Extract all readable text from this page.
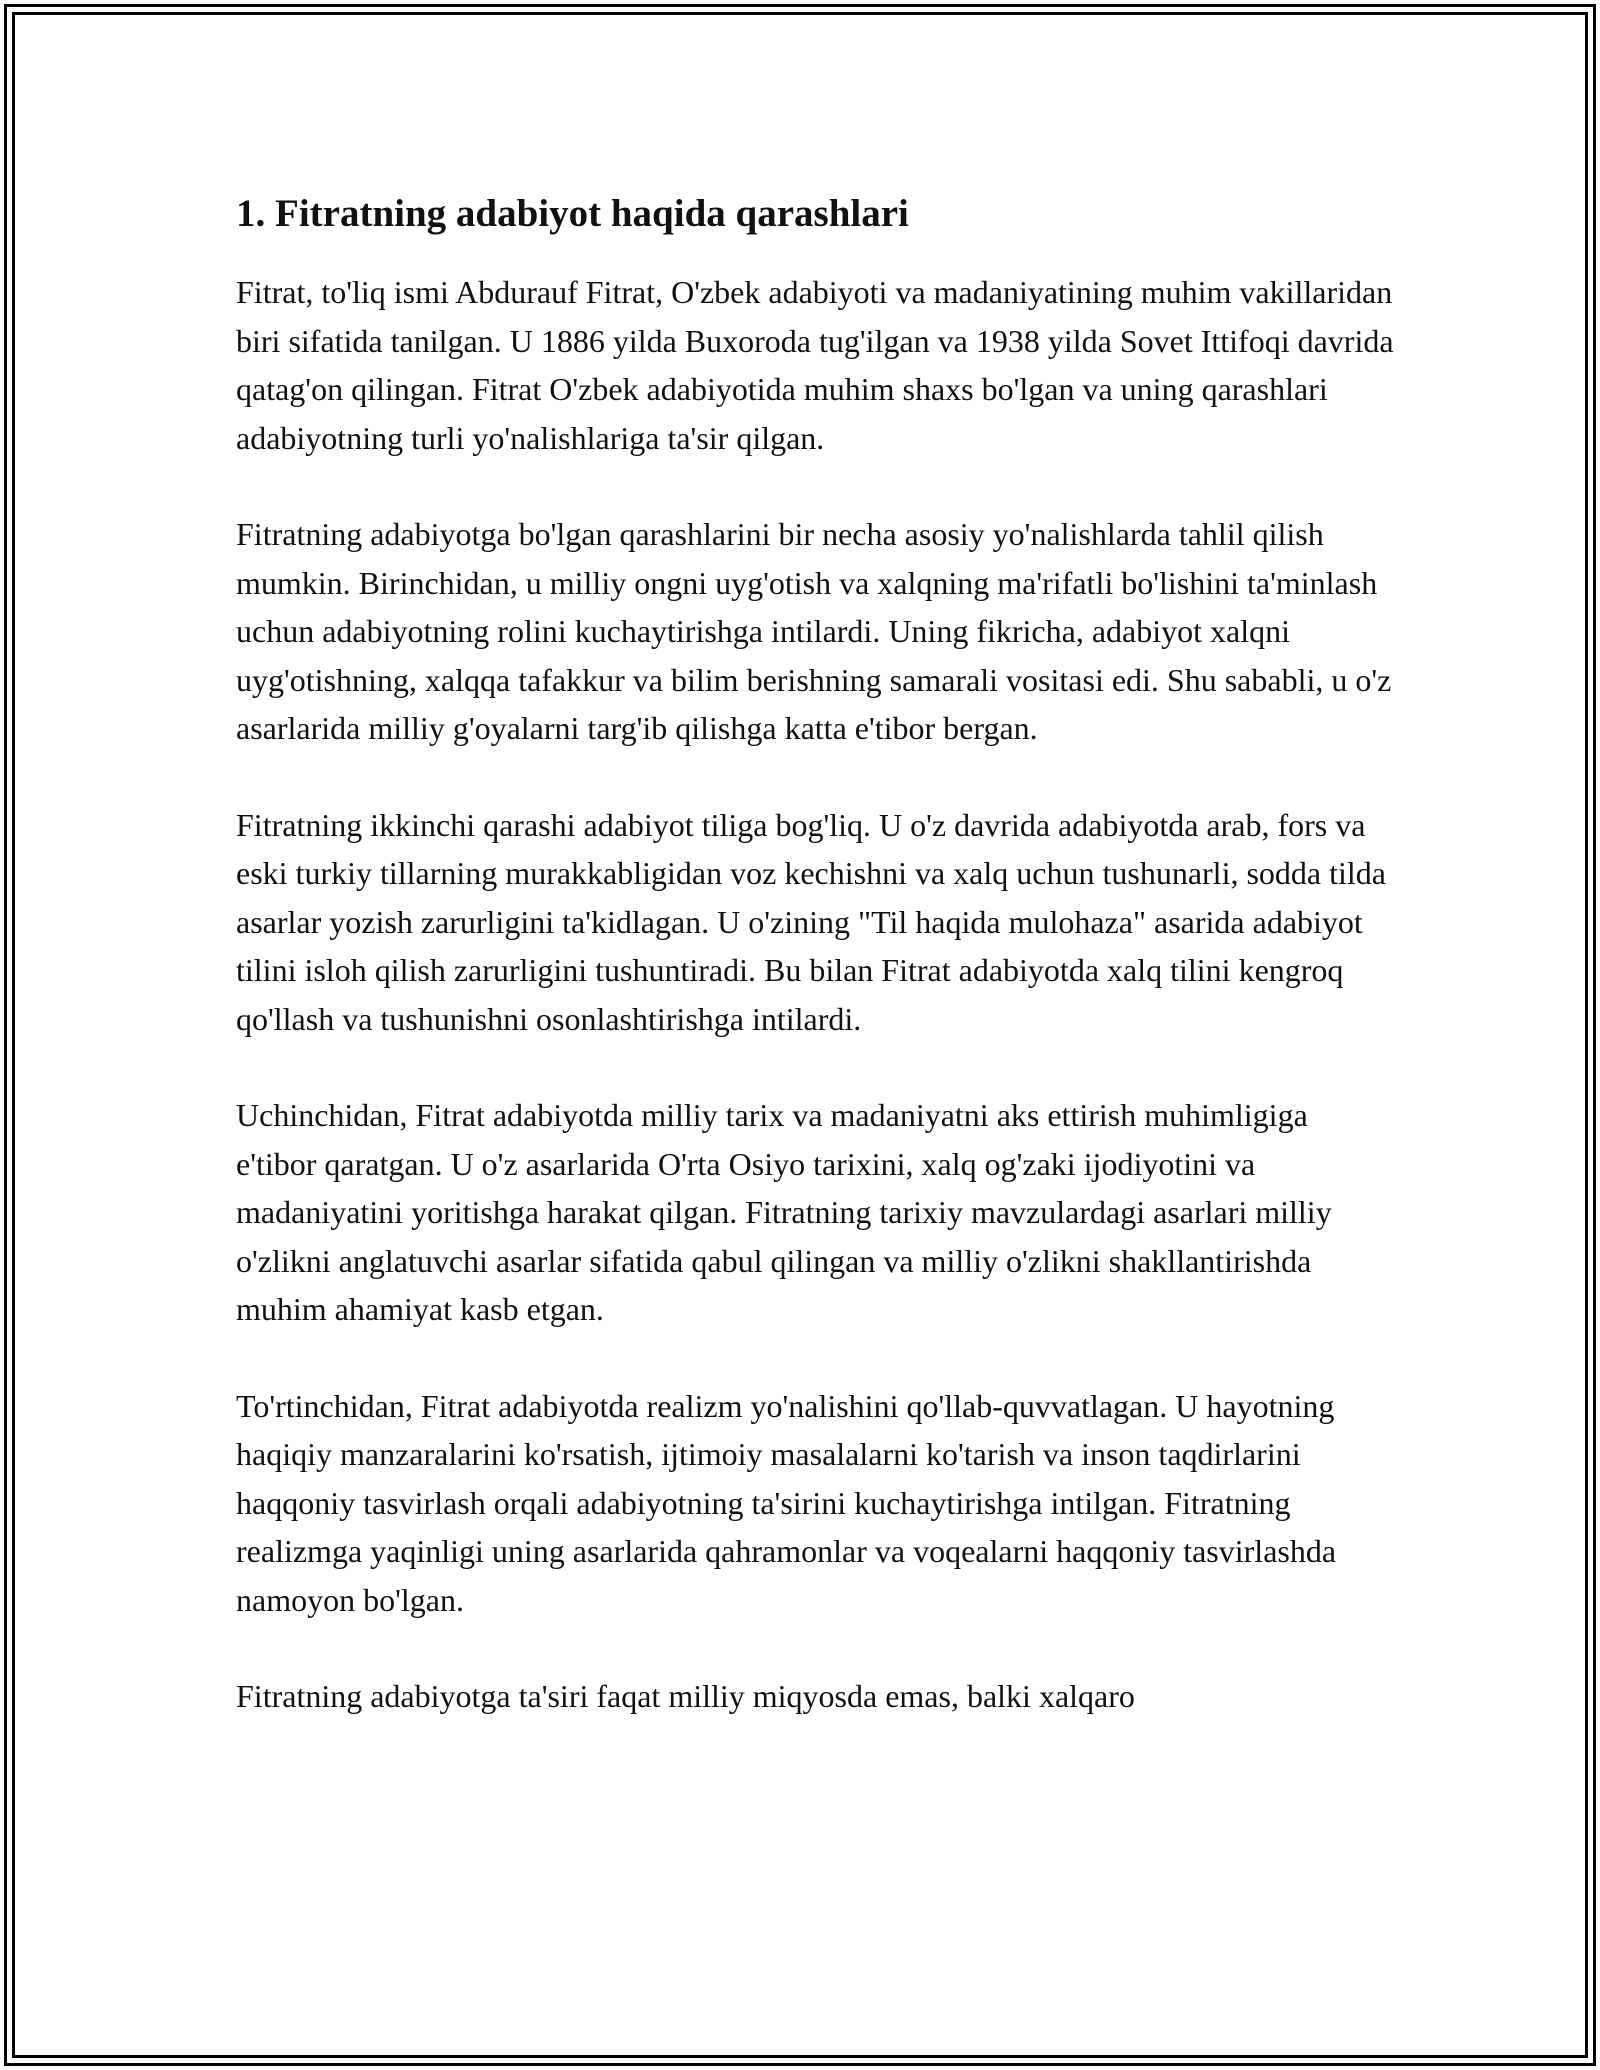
1. Fitratning adabiyot haqida qarashlari

Fitrat, to'liq ismi Abdurauf Fitrat, O'zbek adabiyoti va madaniyatining muhim vakillaridan biri sifatida tanilgan. U 1886 yilda Buxoroda tug'ilgan va 1938 yilda Sovet Ittifoqi davrida qatag'on qilingan. Fitrat O'zbek adabiyotida muhim shaxs bo'lgan va uning qarashlari adabiyotning turli yo'nalishlariga ta'sir qilgan.

Fitratning adabiyotga bo'lgan qarashlarini bir necha asosiy yo'nalishlarda tahlil qilish mumkin. Birinchidan, u milliy ongni uyg'otish va xalqning ma'rifatli bo'lishini ta'minlash uchun adabiyotning rolini kuchaytirishga intilardi. Uning fikricha, adabiyot xalqni uyg'otishning, xalqqa tafakkur va bilim berishning samarali vositasi edi. Shu sababli, u o'z asarlarida milliy g'oyalarni targ'ib qilishga katta e'tibor bergan.

Fitratning ikkinchi qarashi adabiyot tiliga bog'liq. U o'z davrida adabiyotda arab, fors va eski turkiy tillarning murakkabligidan voz kechishni va xalq uchun tushunarli, sodda tilda asarlar yozish zarurligini ta'kidlagan. U o'zining "Til haqida mulohaza" asarida adabiyot tilini isloh qilish zarurligini tushuntiradi. Bu bilan Fitrat adabiyotda xalq tilini kengroq qo'llash va tushunishni osonlashtirishga intilardi.

Uchinchidan, Fitrat adabiyotda milliy tarix va madaniyatni aks ettirish muhimligiga e'tibor qaratgan. U o'z asarlarida O'rta Osiyo tarixini, xalq og'zaki ijodiyotini va madaniyatini yoritishga harakat qilgan. Fitratning tarixiy mavzulardagi asarlari milliy o'zlikni anglatuvchi asarlar sifatida qabul qilingan va milliy o'zlikni shakllantirishda muhim ahamiyat kasb etgan.

To'rtinchidan, Fitrat adabiyotda realizm yo'nalishini qo'llab-quvvatlagan. U hayotning haqiqiy manzaralarini ko'rsatish, ijtimoiy masalalarni ko'tarish va inson taqdirlarini haqqoniy tasvirlash orqali adabiyotning ta'sirini kuchaytirishga intilgan. Fitratning realizmga yaqinligi uning asarlarida qahramonlar va voqealarni haqqoniy tasvirlashda namoyon bo'lgan.

Fitratning adabiyotga ta'siri faqat milliy miqyosda emas, balki xalqaro
